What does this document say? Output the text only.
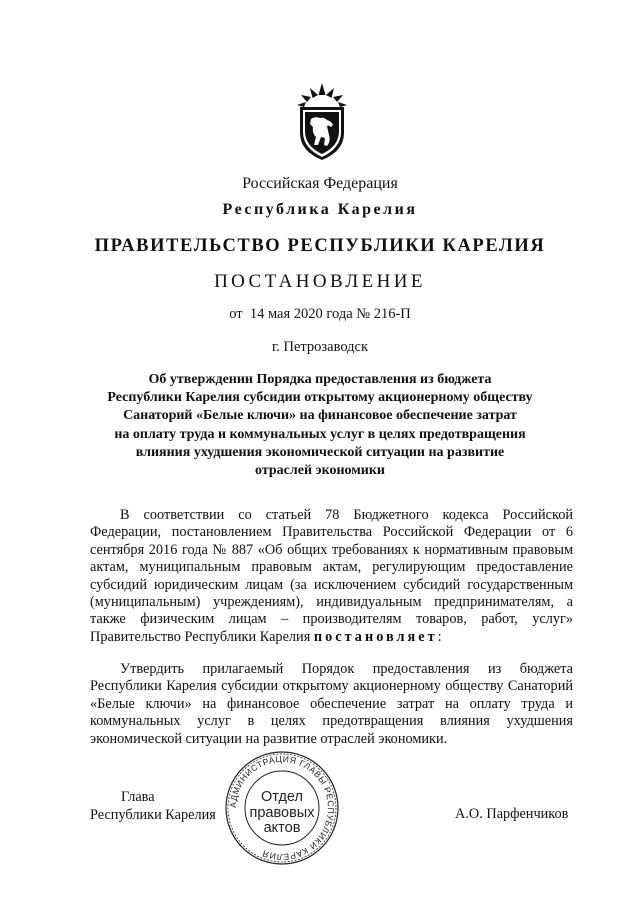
Российская Федерация
Республика Карелия
ПРАВИТЕЛЬСТВО РЕСПУБЛИКИ КАРЕЛИЯ
ПОСТАНОВЛЕНИЕ
от  14 мая 2020 года № 216-П
г. Петрозаводск
Об утверждении Порядка предоставления из бюджета
Республики Карелия субсидии открытому акционерному обществу
Санаторий «Белые ключи» на финансовое обеспечение затрат
на оплату труда и коммунальных услуг в целях предотвращения
влияния ухудшения экономической ситуации на развитие
отраслей экономики
В соответствии со статьей 78 Бюджетного кодекса Российской Федерации, постановлением Правительства Российской Федерации от 6 сентября 2016 года № 887 «Об общих требованиях к нормативным правовым актам, муниципальным правовым актам, регулирующим предоставление субсидий юридическим лицам (за исключением субсидий государственным (муниципальным) учреждениям), индивидуальным предпринимателям, а также физическим лицам – производителям товаров, работ, услуг» Правительство Республики Карелия постановляет:
Утвердить прилагаемый Порядок предоставления из бюджета Республики Карелия субсидии открытому акционерному обществу Санаторий «Белые ключи» на финансовое обеспечение затрат на оплату труда и коммунальных услуг в целях предотвращения влияния ухудшения экономической ситуации на развитие отраслей экономики.
Глава
Республики Карелия
АДМИНИСТРАЦИЯ ГЛАВЫ РЕСПУБЛИКИ КАРЕЛИЯ
Отдел
правовых
актов
А.О. Парфенчиков
